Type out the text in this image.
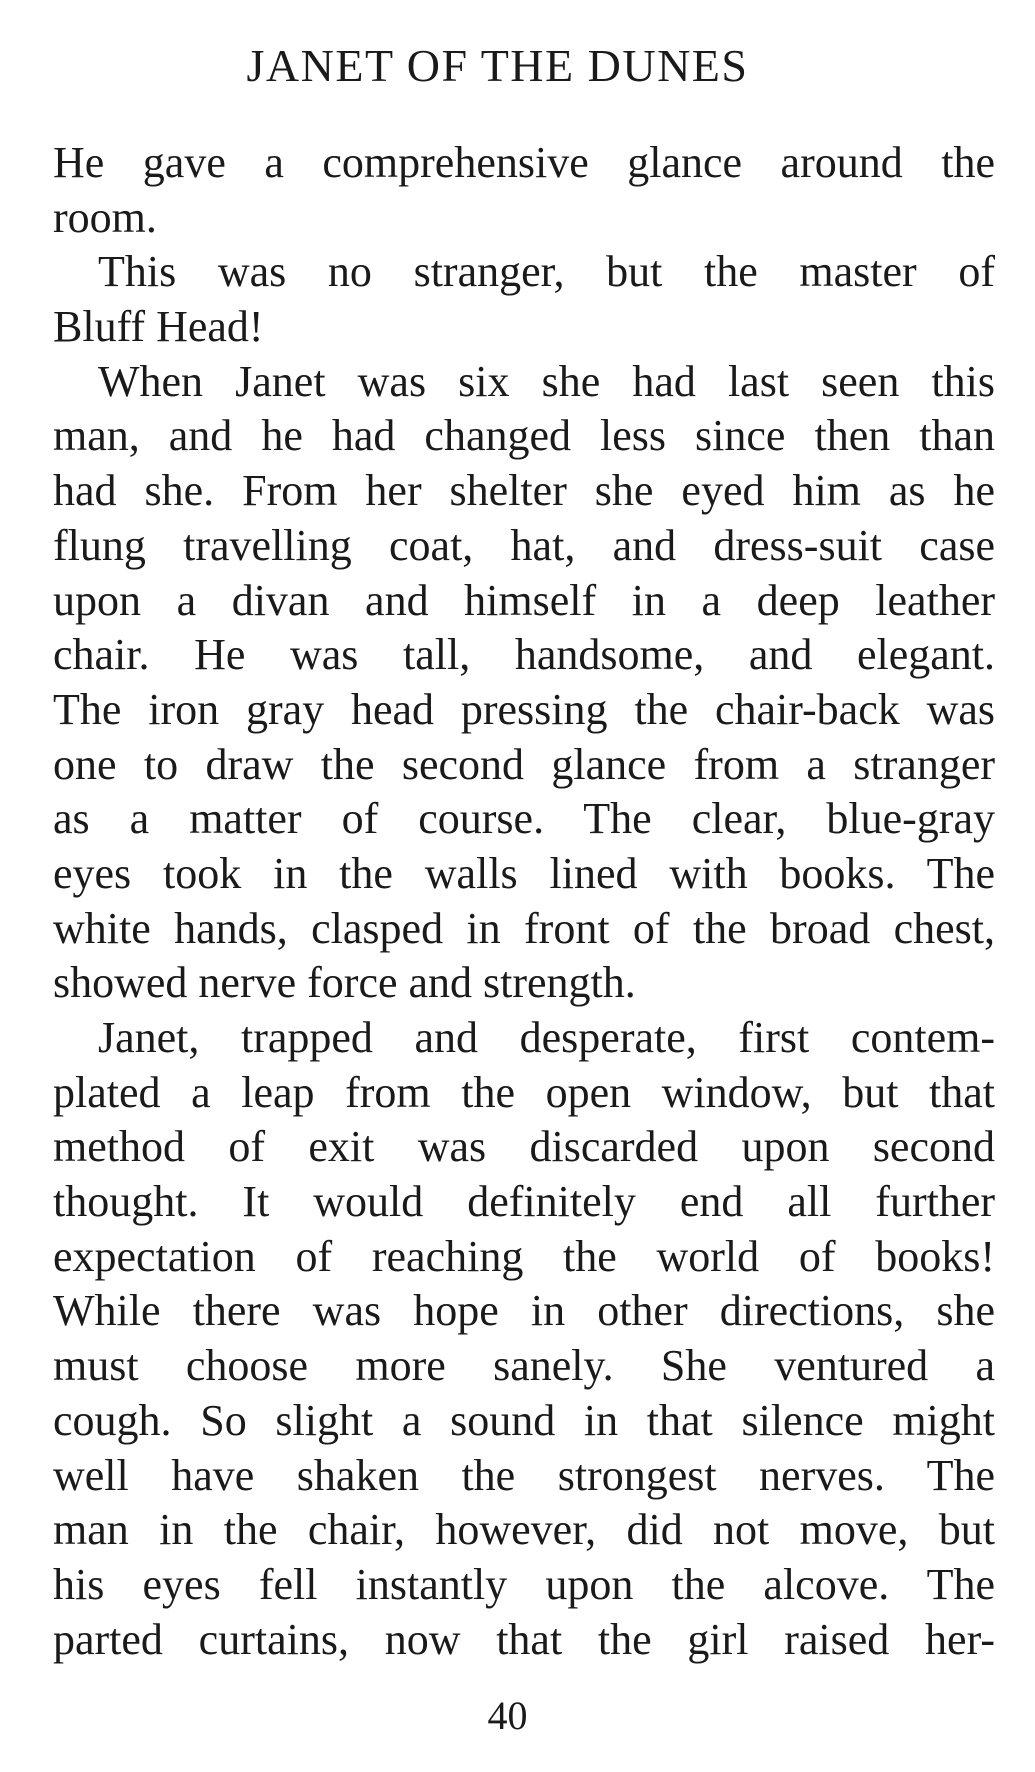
JANET OF THE DUNES
He gave a comprehensive glance around the
room.
This was no stranger, but the master of
Bluff Head!
When Janet was six she had last seen this
man, and he had changed less since then than
had she. From her shelter she eyed him as he
flung travelling coat, hat, and dress-suit case
upon a divan and himself in a deep leather
chair. He was tall, handsome, and elegant.
The iron gray head pressing the chair-back was
one to draw the second glance from a stranger
as a matter of course. The clear, blue-gray
eyes took in the walls lined with books. The
white hands, clasped in front of the broad chest,
showed nerve force and strength.
Janet, trapped and desperate, first contem-
plated a leap from the open window, but that
method of exit was discarded upon second
thought. It would definitely end all further
expectation of reaching the world of books!
While there was hope in other directions, she
must choose more sanely. She ventured a
cough. So slight a sound in that silence might
well have shaken the strongest nerves. The
man in the chair, however, did not move, but
his eyes fell instantly upon the alcove. The
parted curtains, now that the girl raised her-
40
